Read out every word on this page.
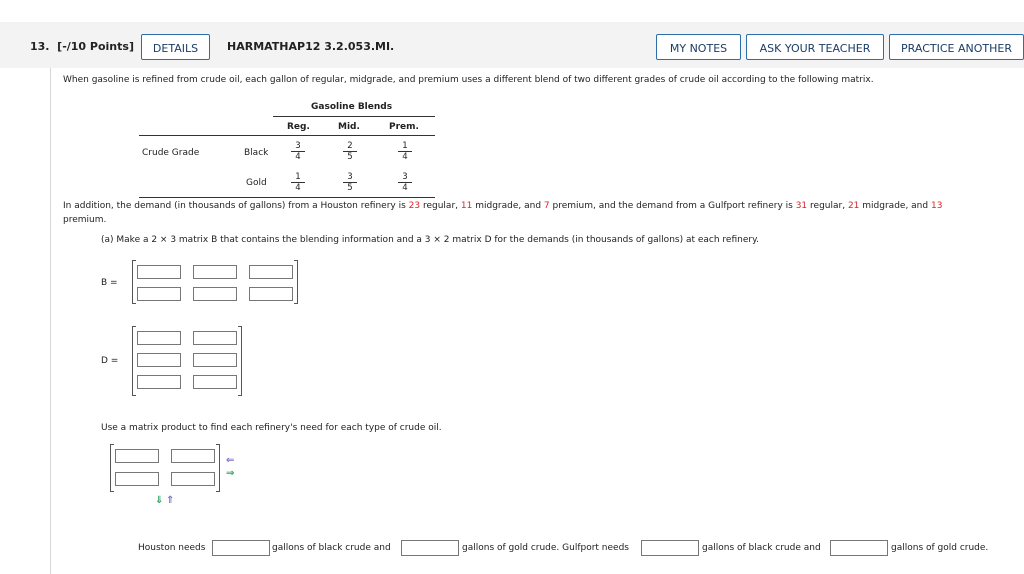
13. [-/10 Points]	DETAILS	HARMATHAP12 3.2.053.MI.	MY NOTES	ASK YOUR TEACHER	PRACTICE ANOTHER
When gasoline is refined from crude oil, each gallon of regular, midgrade, and premium uses a different blend of two different grades of crude oil according to the following matrix.
Gasoline Blends
Reg.	Mid.	Prem.
Crude Grade	Black	$\frac{3}{4}$	$\frac{2}{5}$	$\frac{1}{4}$
Gold	$\frac{1}{4}$	$\frac{3}{5}$	$\frac{3}{4}$
In addition, the demand (in thousands of gallons) from a Houston refinery is 23 regular, 11 midgrade, and 7 premium, and the demand from a Gulfport refinery is 31 regular, 21 midgrade, and 13
premium.
(a) Make a 2 × 3 matrix B that contains the blending information and a 3 × 2 matrix D for the demands (in thousands of gallons) at each refinery.
B =
D =
Use a matrix product to find each refinery's need for each type of crude oil.
⇐
⇒
⇓ ⇑
Houston needs	gallons of black crude and	gallons of gold crude. Gulfport needs	gallons of black crude and	gallons of gold crude.
